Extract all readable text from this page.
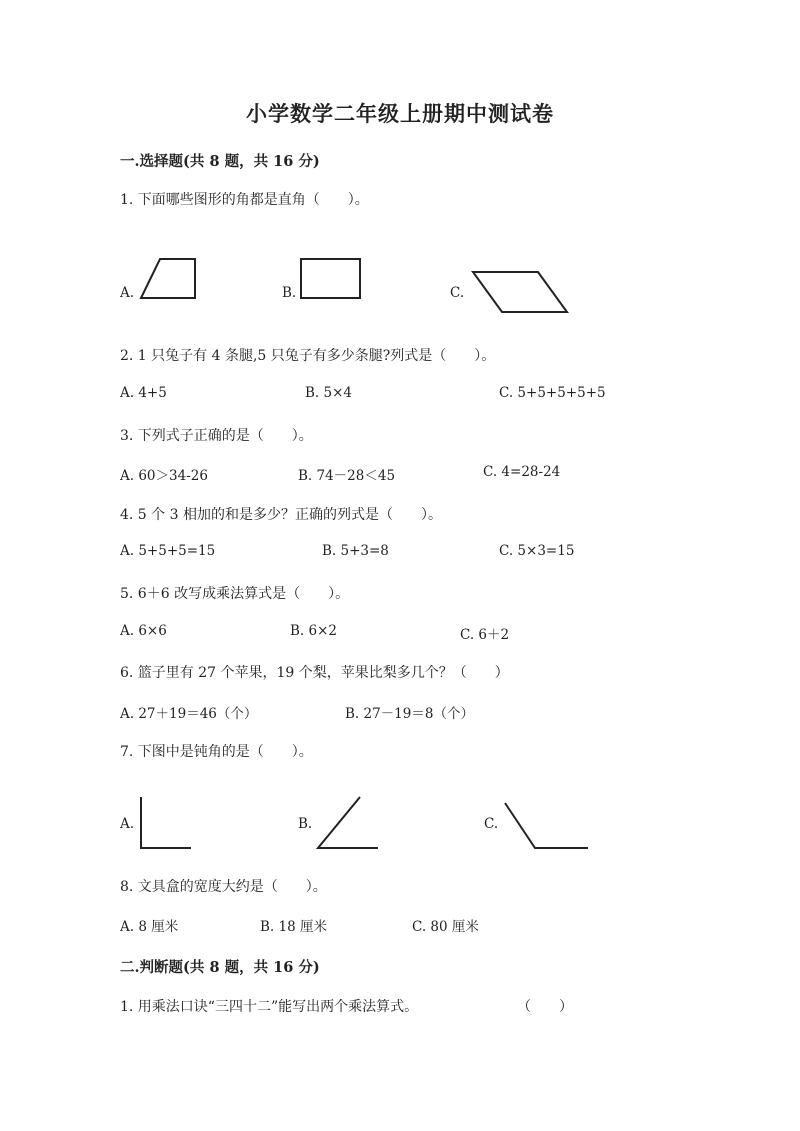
小学数学二年级上册期中测试卷
一.选择题(共 8 题，共 16 分)
1. 下面哪些图形的角都是直角（　　）。
A.	B.	C.
2. 1 只兔子有 4 条腿,5 只兔子有多少条腿?列式是（　　）。
A. 4+5	B. 5×4	C. 5+5+5+5+5
3. 下列式子正确的是（　　）。
A. 60＞34-26	B. 74－28＜45	C. 4=28-24
4. 5 个 3 相加的和是多少？正确的列式是（　　）。
A. 5+5+5=15	B. 5+3=8	C. 5×3=15
5. 6＋6 改写成乘法算式是（　　）。
A. 6×6	B. 6×2	C. 6＋2
6. 篮子里有 27 个苹果，19 个梨，苹果比梨多几个？（　　）
A. 27＋19＝46（个）	B. 27－19＝8（个）
7. 下图中是钝角的是（　　）。
A.	B.	C.
8. 文具盒的宽度大约是（　　）。
A. 8 厘米	B. 18 厘米	C. 80 厘米
二.判断题(共 8 题，共 16 分)
1. 用乘法口诀“三四十二”能写出两个乘法算式。	（　　）
